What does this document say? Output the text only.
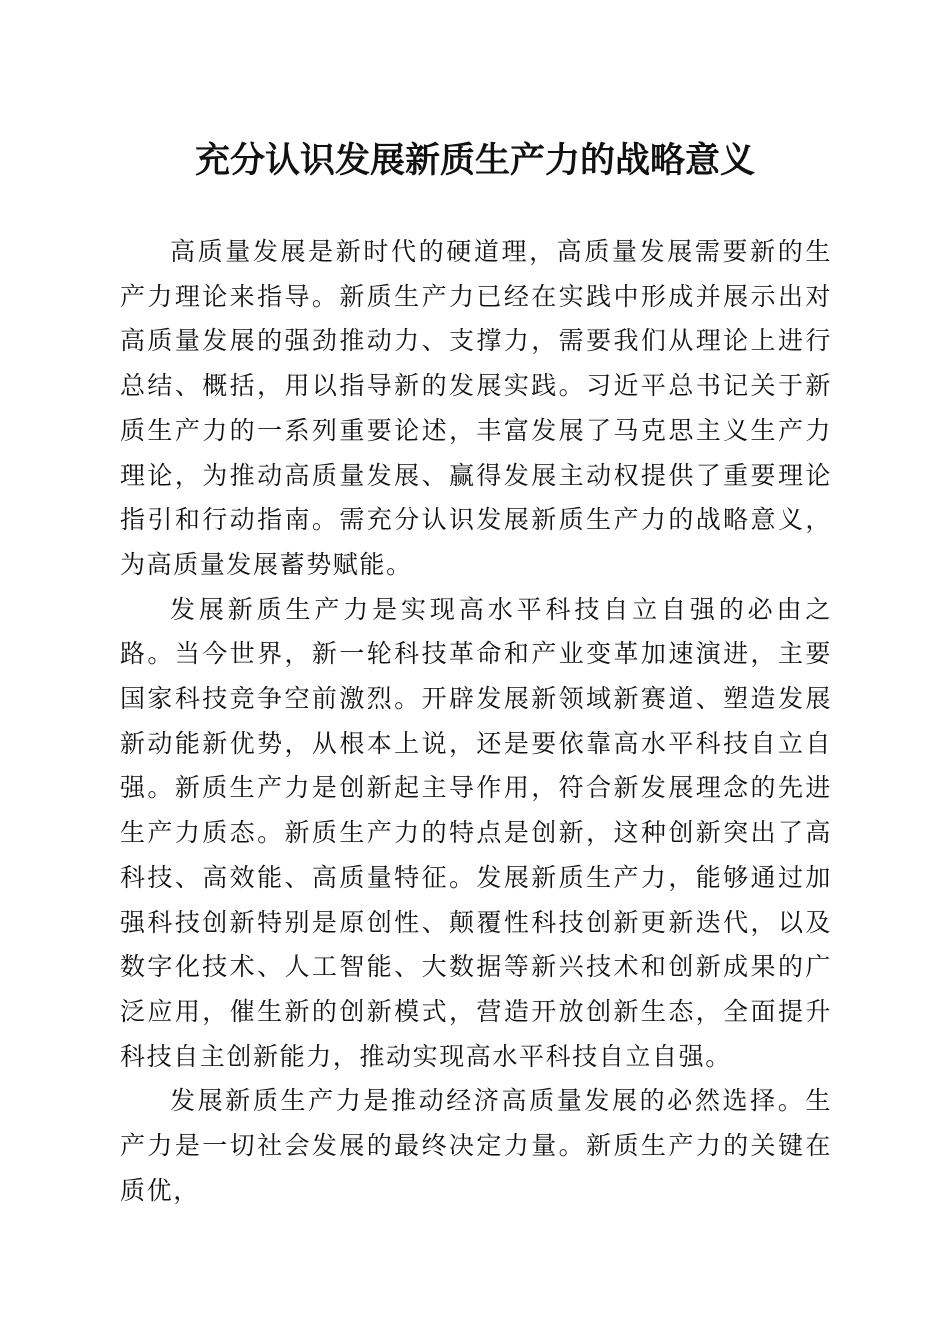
充分认识发展新质生产力的战略意义

高质量发展是新时代的硬道理，高质量发展需要新的生产力理论来指导。新质生产力已经在实践中形成并展示出对高质量发展的强劲推动力、支撑力，需要我们从理论上进行总结、概括，用以指导新的发展实践。习近平总书记关于新质生产力的一系列重要论述，丰富发展了马克思主义生产力理论，为推动高质量发展、赢得发展主动权提供了重要理论指引和行动指南。需充分认识发展新质生产力的战略意义，为高质量发展蓄势赋能。

发展新质生产力是实现高水平科技自立自强的必由之路。当今世界，新一轮科技革命和产业变革加速演进，主要国家科技竞争空前激烈。开辟发展新领域新赛道、塑造发展新动能新优势，从根本上说，还是要依靠高水平科技自立自强。新质生产力是创新起主导作用，符合新发展理念的先进生产力质态。新质生产力的特点是创新，这种创新突出了高科技、高效能、高质量特征。发展新质生产力，能够通过加强科技创新特别是原创性、颠覆性科技创新更新迭代，以及数字化技术、人工智能、大数据等新兴技术和创新成果的广泛应用，催生新的创新模式，营造开放创新生态，全面提升科技自主创新能力，推动实现高水平科技自立自强。

发展新质生产力是推动经济高质量发展的必然选择。生产力是一切社会发展的最终决定力量。新质生产力的关键在质优，
